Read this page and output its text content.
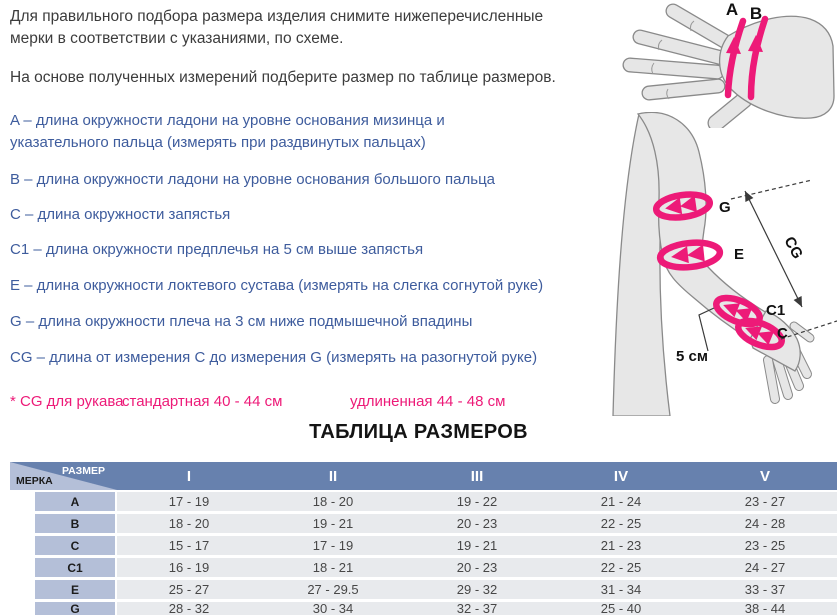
Для правильного подбора размера изделия снимите нижеперечисленные мерки в соответствии с указаниями, по схеме.

На основе полученных измерений подберите размер по таблице размеров.

A – длина окружности ладони на уровне основания мизинца и указательного пальца (измерять при раздвинутых пальцах)
B – длина окружности ладони на уровне основания большого пальца
C – длина окружности запястья
C1 – длина окружности предплечья на 5 см выше запястья
E – длина окружности локтевого сустава (измерять на слегка согнутой руке)
G – длина окружности плеча на 3 см ниже подмышечной впадины
CG – длина от измерения C до измерения G (измерять на разогнутой руке)
* CG для рукава
стандартная 40 - 44 см	удлиненная 44 - 48 см
ТАБЛИЦА РАЗМЕРОВ
РАЗМЕР
МЕРКА	I	II	III	IV	V
A	17 - 19	18 - 20	19 - 22	21 - 24	23 - 27
B	18 - 20	19 - 21	20 - 23	22 - 25	24 - 28
C	15 - 17	17 - 19	19 - 21	21 - 23	23 - 25
C1	16 - 19	18 - 21	20 - 23	22 - 25	24 - 27
E	25 - 27	27 - 29.5	29 - 32	31 - 34	33 - 37
G	28 - 32	30 - 34	32 - 37	25 - 40	38 - 44
A B
G
E
C1
C
CG
5 см
